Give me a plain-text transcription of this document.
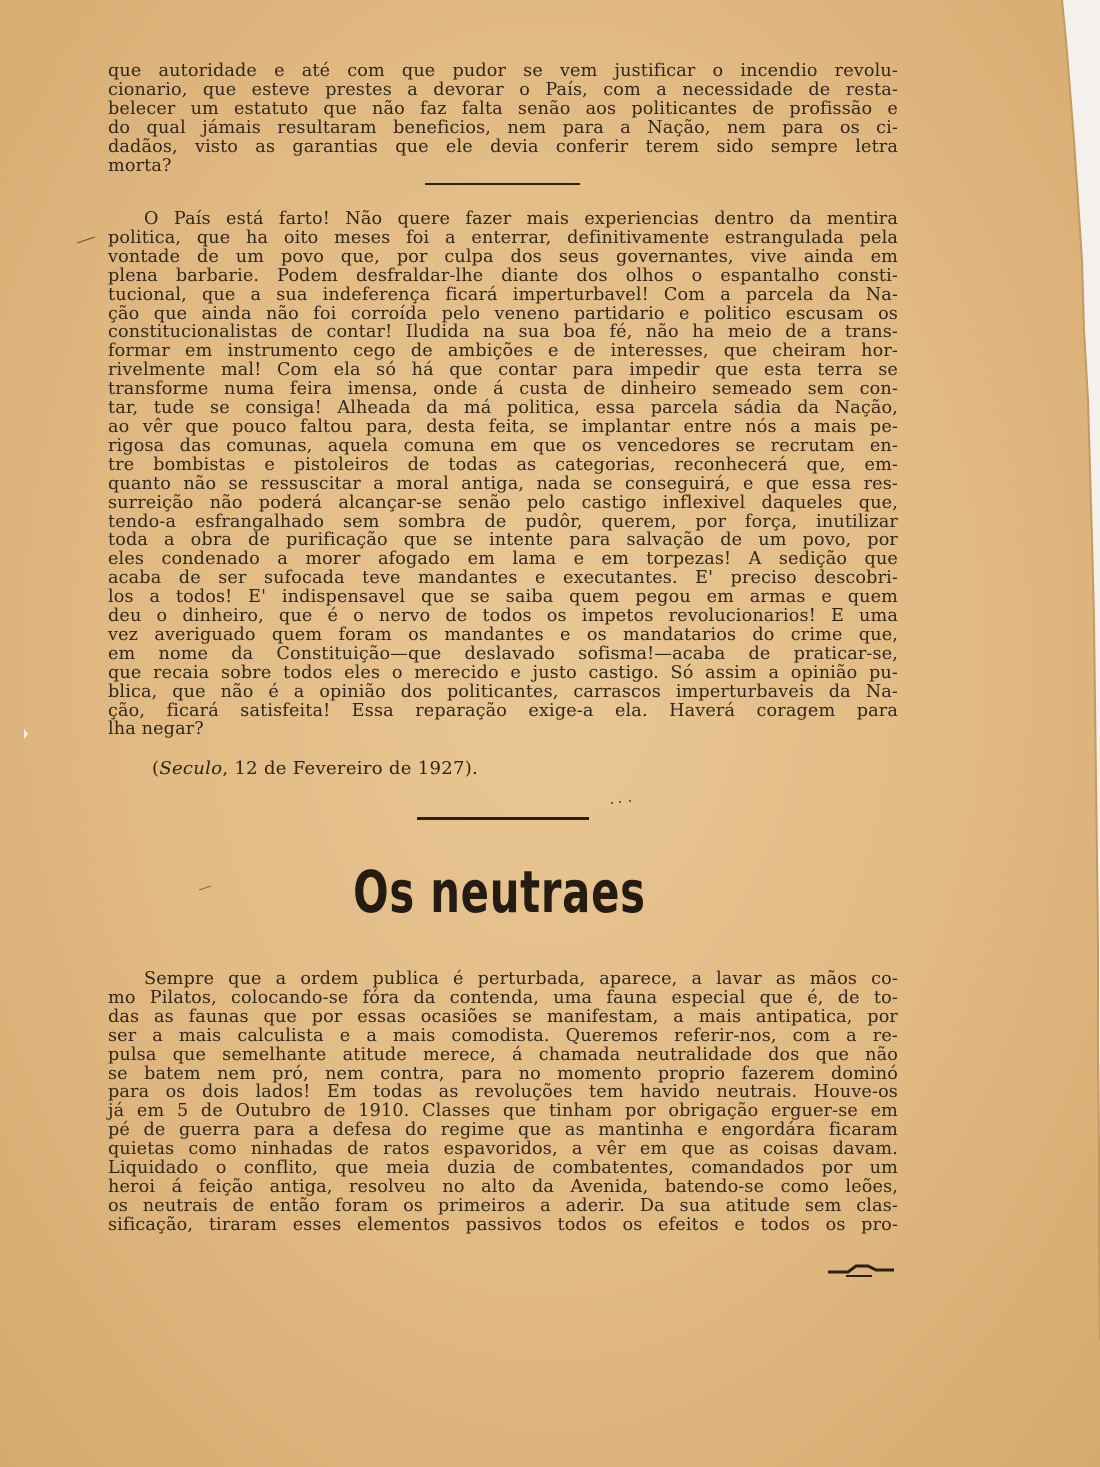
que autoridade e até com que pudor se vem justificar o incendio revolu-
cionario, que esteve prestes a devorar o País, com a necessidade de resta-
belecer um estatuto que não faz falta senão aos politicantes de profissão e
do qual jámais resultaram beneficios, nem para a Nação, nem para os ci-
dadãos, visto as garantias que ele devia conferir terem sido sempre letra
morta?

O País está farto! Não quere fazer mais experiencias dentro da mentira
politica, que ha oito meses foi a enterrar, definitivamente estrangulada pela
vontade de um povo que, por culpa dos seus governantes, vive ainda em
plena barbarie. Podem desfraldar-lhe diante dos olhos o espantalho consti-
tucional, que a sua indeferença ficará imperturbavel! Com a parcela da Na-
ção que ainda não foi corroída pelo veneno partidario e politico escusam os
constitucionalistas de contar! Iludida na sua boa fé, não ha meio de a trans-
formar em instrumento cego de ambições e de interesses, que cheiram hor-
rivelmente mal! Com ela só há que contar para impedir que esta terra se
transforme numa feira imensa, onde á custa de dinheiro semeado sem con-
tar, tude se consiga! Alheada da má politica, essa parcela sádia da Nação,
ao vêr que pouco faltou para, desta feita, se implantar entre nós a mais pe-
rigosa das comunas, aquela comuna em que os vencedores se recrutam en-
tre bombistas e pistoleiros de todas as categorias, reconhecerá que, em-
quanto não se ressuscitar a moral antiga, nada se conseguirá, e que essa res-
surreição não poderá alcançar-se senão pelo castigo inflexivel daqueles que,
tendo-a esfrangalhado sem sombra de pudôr, querem, por força, inutilizar
toda a obra de purificação que se intente para salvação de um povo, por
eles condenado a morer afogado em lama e em torpezas! A sedição que
acaba de ser sufocada teve mandantes e executantes. E' preciso descobri-
los a todos! E' indispensavel que se saiba quem pegou em armas e quem
deu o dinheiro, que é o nervo de todos os impetos revolucionarios! E uma
vez averiguado quem foram os mandantes e os mandatarios do crime que,
em nome da Constituição—que deslavado sofisma!—acaba de praticar-se,
que recaia sobre todos eles o merecido e justo castigo. Só assim a opinião pu-
blica, que não é a opinião dos politicantes, carrascos imperturbaveis da Na-
ção, ficará satisfeita! Essa reparação exige-a ela. Haverá coragem para
lha negar?

(Seculo, 12 de Fevereiro de 1927).
Os neutraes

Sempre que a ordem publica é perturbada, aparece, a lavar as mãos co-
mo Pilatos, colocando-se fóra da contenda, uma fauna especial que é, de to-
das as faunas que por essas ocasiões se manifestam, a mais antipatica, por
ser a mais calculista e a mais comodista. Queremos referir-nos, com a re-
pulsa que semelhante atitude merece, á chamada neutralidade dos que não
se batem nem pró, nem contra, para no momento proprio fazerem dominó
para os dois lados! Em todas as revoluções tem havido neutrais. Houve-os
já em 5 de Outubro de 1910. Classes que tinham por obrigação erguer-se em
pé de guerra para a defesa do regime que as mantinha e engordára ficaram
quietas como ninhadas de ratos espavoridos, a vêr em que as coisas davam.
Liquidado o conflito, que meia duzia de combatentes, comandados por um
heroi á feição antiga, resolveu no alto da Avenida, batendo-se como leões,
os neutrais de então foram os primeiros a aderir. Da sua atitude sem clas-
sificação, tiraram esses elementos passivos todos os efeitos e todos os pro-
